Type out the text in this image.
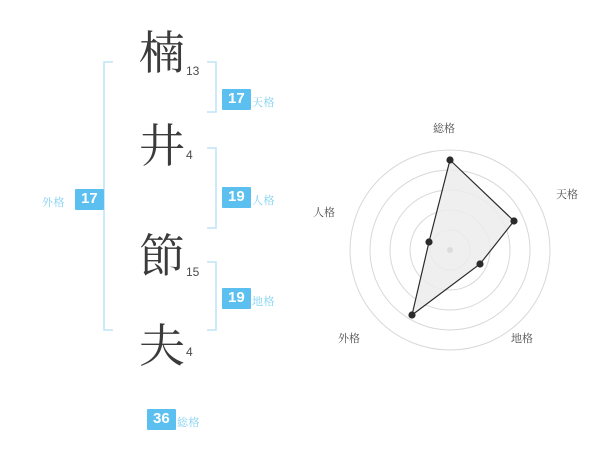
楠
井
節
夫
13
4
15
4
17 天格
19 人格
19 地格
17
外格
36 総格
総格
天格
地格
外格
人格
